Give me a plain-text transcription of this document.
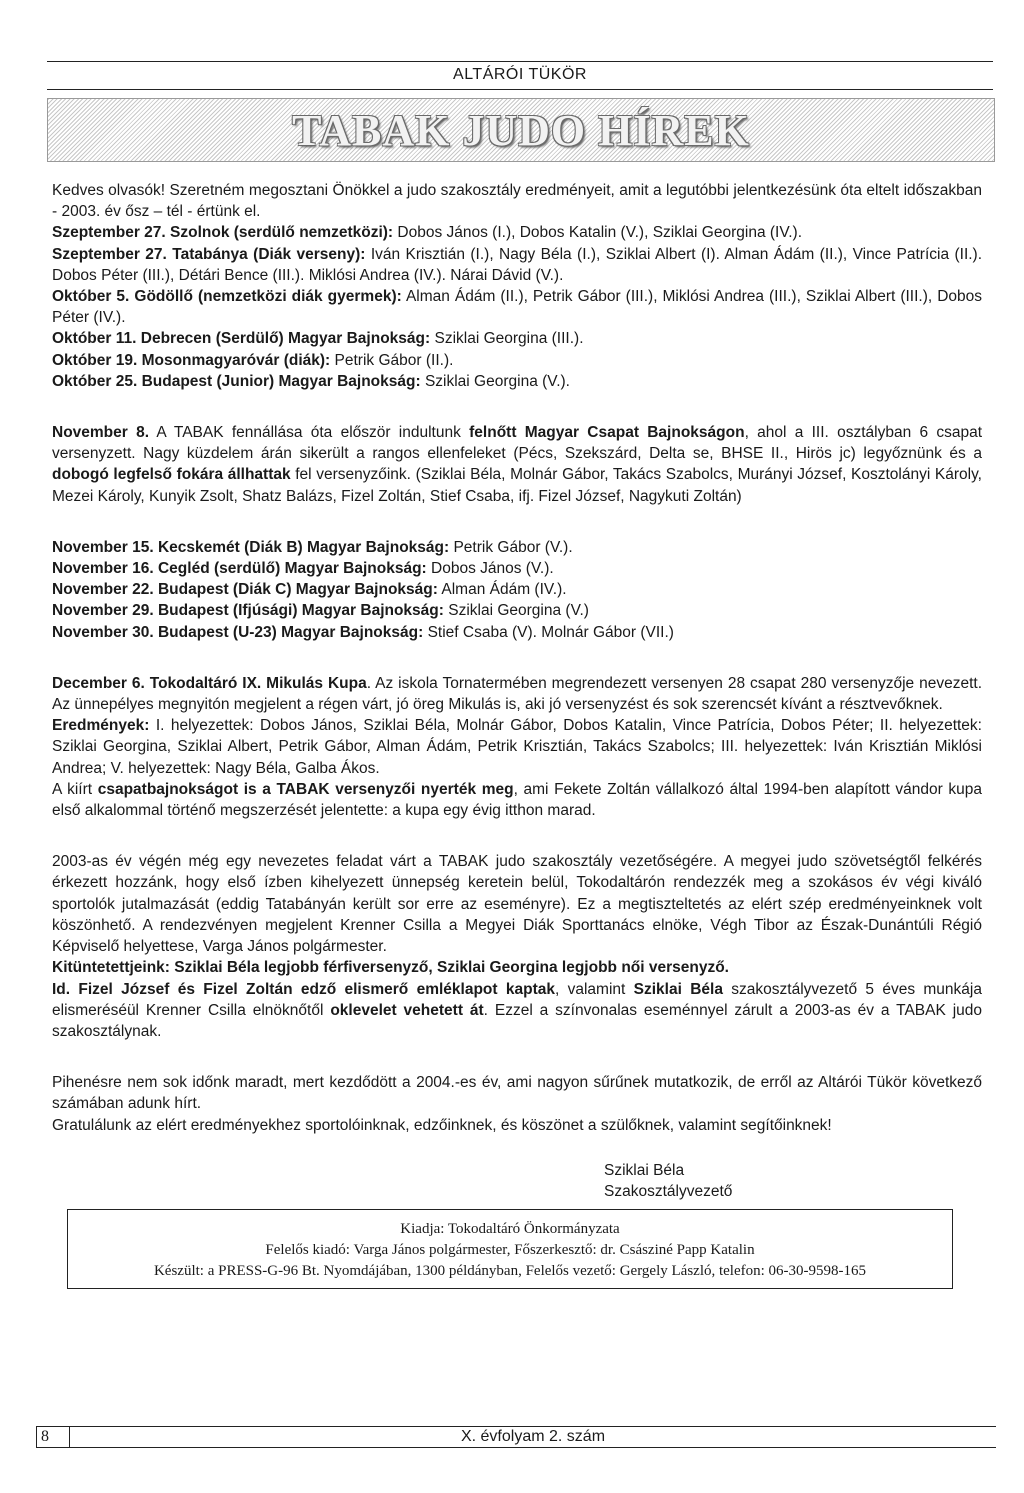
ALTÁRÓI TÜKÖR
TABAK JUDO HÍREK

Kedves olvasók! Szeretném megosztani Önökkel a judo szakosztály eredményeit, amit a legutóbbi jelentkezésünk óta eltelt időszakban - 2003. év ősz – tél - értünk el.

Szeptember 27. Szolnok (serdülő nemzetközi): Dobos János (I.), Dobos Katalin (V.), Sziklai Georgina (IV.).

Szeptember 27. Tatabánya (Diák verseny): Iván Krisztián (I.), Nagy Béla (I.), Sziklai Albert (I). Alman Ádám (II.), Vince Patrícia (II.). Dobos Péter (III.), Détári Bence (III.). Miklósi Andrea (IV.). Nárai Dávid (V.).

Október 5. Gödöllő (nemzetközi diák gyermek): Alman Ádám (II.), Petrik Gábor (III.), Miklósi Andrea (III.), Sziklai Albert (III.), Dobos Péter (IV.).

Október 11. Debrecen (Serdülő) Magyar Bajnokság: Sziklai Georgina (III.).

Október 19. Mosonmagyaróvár (diák): Petrik Gábor (II.).

Október 25. Budapest (Junior) Magyar Bajnokság: Sziklai Georgina (V.).

November 8. A TABAK fennállása óta először indultunk felnőtt Magyar Csapat Bajnokságon, ahol a III. osztályban 6 csapat versenyzett. Nagy küzdelem árán sikerült a rangos ellenfeleket (Pécs, Szekszárd, Delta se, BHSE II., Hirös jc) legyőznünk és a dobogó legfelső fokára állhattak fel versenyzőink. (Sziklai Béla, Molnár Gábor, Takács Szabolcs, Murányi József, Kosztolányi Károly, Mezei Károly, Kunyik Zsolt, Shatz Balázs, Fizel Zoltán, Stief Csaba, ifj. Fizel József, Nagykuti Zoltán)

November 15. Kecskemét (Diák B) Magyar Bajnokság: Petrik Gábor (V.).

November 16. Cegléd (serdülő) Magyar Bajnokság: Dobos János (V.).

November 22. Budapest (Diák C) Magyar Bajnokság: Alman Ádám (IV.).

November 29. Budapest (Ifjúsági) Magyar Bajnokság: Sziklai Georgina (V.)

November 30. Budapest (U-23) Magyar Bajnokság: Stief Csaba (V). Molnár Gábor (VII.)

December 6. Tokodaltáró IX. Mikulás Kupa. Az iskola Tornatermében megrendezett versenyen 28 csapat 280 versenyzője nevezett. Az ünnepélyes megnyitón megjelent a régen várt, jó öreg Mikulás is, aki jó versenyzést és sok szerencsét kívánt a résztvevőknek.

Eredmények: I. helyezettek: Dobos János, Sziklai Béla, Molnár Gábor, Dobos Katalin, Vince Patrícia, Dobos Péter; II. helyezettek: Sziklai Georgina, Sziklai Albert, Petrik Gábor, Alman Ádám, Petrik Krisztián, Takács Szabolcs; III. helyezettek: Iván Krisztián Miklósi Andrea; V. helyezettek: Nagy Béla, Galba Ákos.

A kiírt csapatbajnokságot is a TABAK versenyzői nyerték meg, ami Fekete Zoltán vállalkozó által 1994-ben alapított vándor kupa első alkalommal történő megszerzését jelentette: a kupa egy évig itthon marad.

2003-as év végén még egy nevezetes feladat várt a TABAK judo szakosztály vezetőségére. A megyei judo szövetségtől felkérés érkezett hozzánk, hogy első ízben kihelyezett ünnepség keretein belül, Tokodaltárón rendezzék meg a szokásos év végi kiváló sportolók jutalmazását (eddig Tatabányán került sor erre az eseményre). Ez a megtiszteltetés az elért szép eredményeinknek volt köszönhető. A rendezvényen megjelent Krenner Csilla a Megyei Diák Sporttanács elnöke, Végh Tibor az Észak-Dunántúli Régió Képviselő helyettese, Varga János polgármester.

Kitüntetettjeink: Sziklai Béla legjobb férfiversenyző, Sziklai Georgina legjobb női versenyző.

Id. Fizel József és Fizel Zoltán edző elismerő emléklapot kaptak, valamint Sziklai Béla szakosztályvezető 5 éves munkája elismeréséül Krenner Csilla elnöknőtől oklevelet vehetett át. Ezzel a színvonalas eseménnyel zárult a 2003-as év a TABAK judo szakosztálynak.

Pihenésre nem sok időnk maradt, mert kezdődött a 2004.-es év, ami nagyon sűrűnek mutatkozik, de erről az Altárói Tükör következő számában adunk hírt.

Gratulálunk az elért eredményekhez sportolóinknak, edzőinknek, és köszönet a szülőknek, valamint segítőinknek!

Sziklai Béla
Szakosztályvezető
Kiadja: Tokodaltáró Önkormányzata
Felelős kiadó: Varga János polgármester, Főszerkesztő: dr. Császiné Papp Katalin
Készült: a PRESS-G-96 Bt. Nyomdájában, 1300 példányban, Felelős vezető: Gergely László, telefon: 06-30-9598-165
8	X. évfolyam 2. szám
